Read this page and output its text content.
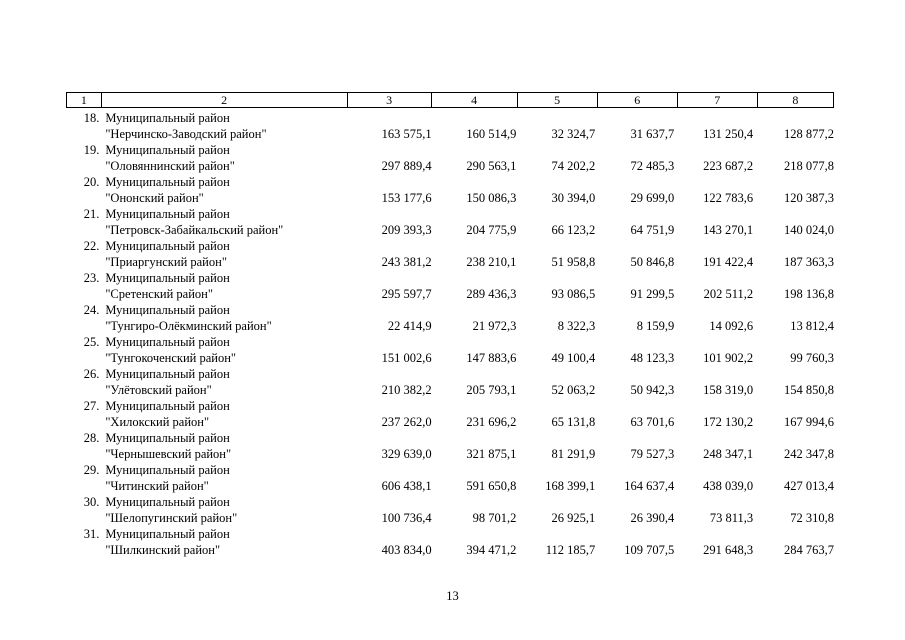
1	2	3	4	5	6	7	8
18.	Муниципальный район						
	"Нерчинско-Заводский район"	163 575,1	160 514,9	32 324,7	31 637,7	131 250,4	128 877,2
19.	Муниципальный район						
	"Оловяннинский район"	297 889,4	290 563,1	74 202,2	72 485,3	223 687,2	218 077,8
20.	Муниципальный район						
	"Ононский район"	153 177,6	150 086,3	30 394,0	29 699,0	122 783,6	120 387,3
21.	Муниципальный район						
	"Петровск-Забайкальский район"	209 393,3	204 775,9	66 123,2	64 751,9	143 270,1	140 024,0
22.	Муниципальный район						
	"Приаргунский район"	243 381,2	238 210,1	51 958,8	50 846,8	191 422,4	187 363,3
23.	Муниципальный район						
	"Сретенский район"	295 597,7	289 436,3	93 086,5	91 299,5	202 511,2	198 136,8
24.	Муниципальный район						
	"Тунгиро-Олёкминский район"	22 414,9	21 972,3	8 322,3	8 159,9	14 092,6	13 812,4
25.	Муниципальный район						
	"Тунгокоченский район"	151 002,6	147 883,6	49 100,4	48 123,3	101 902,2	99 760,3
26.	Муниципальный район						
	"Улётовский район"	210 382,2	205 793,1	52 063,2	50 942,3	158 319,0	154 850,8
27.	Муниципальный район						
	"Хилокский район"	237 262,0	231 696,2	65 131,8	63 701,6	172 130,2	167 994,6
28.	Муниципальный район						
	"Чернышевский район"	329 639,0	321 875,1	81 291,9	79 527,3	248 347,1	242 347,8
29.	Муниципальный район						
	"Читинский район"	606 438,1	591 650,8	168 399,1	164 637,4	438 039,0	427 013,4
30.	Муниципальный район						
	"Шелопугинский район"	100 736,4	98 701,2	26 925,1	26 390,4	73 811,3	72 310,8
31.	Муниципальный район						
	"Шилкинский район"	403 834,0	394 471,2	112 185,7	109 707,5	291 648,3	284 763,7
13
